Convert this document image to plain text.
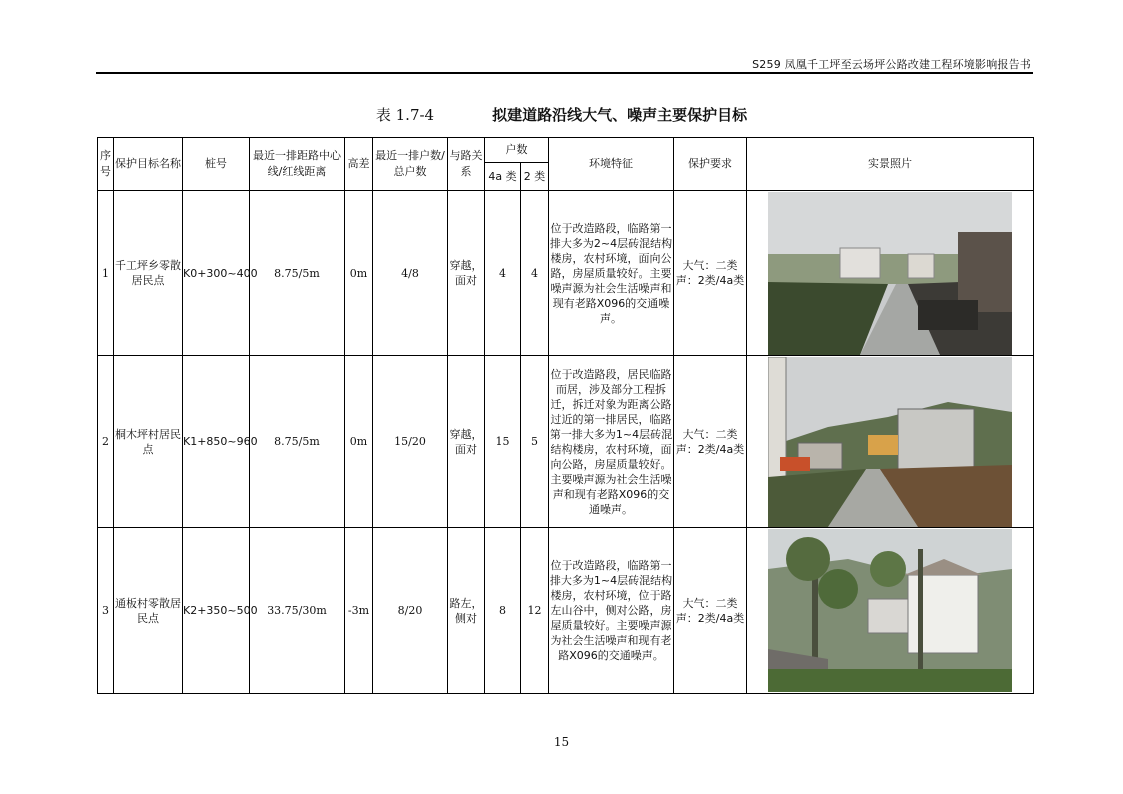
S259 凤凰千工坪至云场坪公路改建工程环境影响报告书
表 1.7-4	拟建道路沿线大气、噪声主要保护目标
序号	保护目标名称	桩号	最近一排距路中心线/红线距离	高差	最近一排户数/总户数	与路关系	户数		环境特征	保护要求	实景照片
							4a 类	2 类			
1	千工坪乡零散居民点	K0+300~400	8.75/5m	0m	4/8	穿越，面对	4	4	位于改造路段，临路第一排大多为2~4层砖混结构楼房，农村环境，面向公路，房屋质量较好。主要噪声源为社会生活噪声和现有老路X096的交通噪声。	大气：二类声：2类/4a类	

2	桐木坪村居民点	K1+850~960	8.75/5m	0m	15/20	穿越，面对	15	5	位于改造路段，居民临路而居，涉及部分工程拆迁，拆迁对象为距离公路过近的第一排居民，临路第一排大多为1~4层砖混结构楼房，农村环境，面向公路，房屋质量较好。主要噪声源为社会生活噪声和现有老路X096的交通噪声。	大气：二类声：2类/4a类	

3	通板村零散居民点	K2+350~500	33.75/30m	-3m	8/20	路左，侧对	8	12	位于改造路段，临路第一排大多为1~4层砖混结构楼房，农村环境，位于路左山谷中，侧对公路，房屋质量较好。主要噪声源为社会生活噪声和现有老路X096的交通噪声。	大气：二类声：2类/4a类	
15
